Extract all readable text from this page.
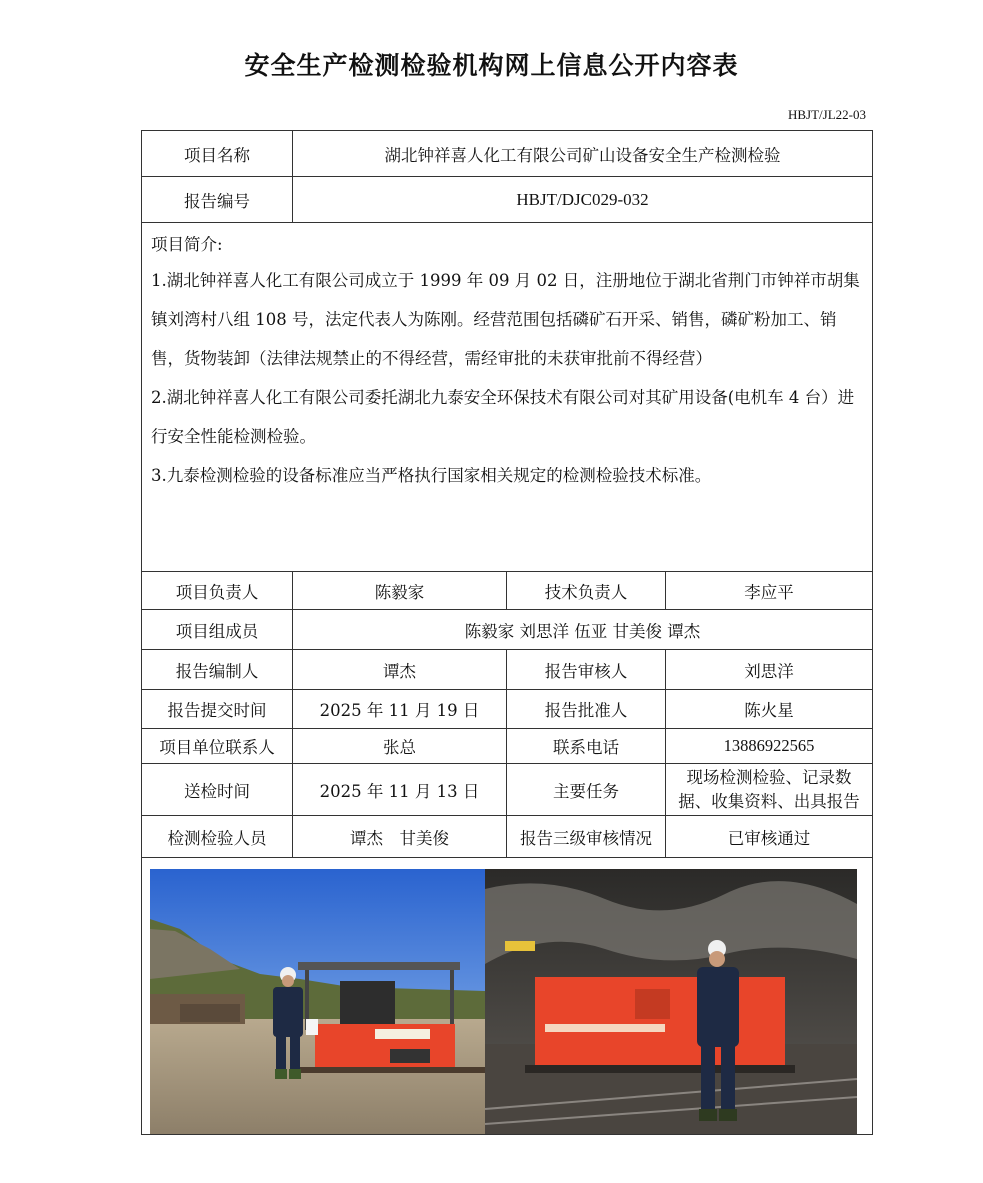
安全生产检测检验机构网上信息公开内容表
HBJT/JL22-03
项目名称	湖北钟祥喜人化工有限公司矿山设备安全生产检测检验		
报告编号	HBJT/DJC029-032		

项目简介:

1.湖北钟祥喜人化工有限公司成立于 1999 年 09 月 02 日，注册地位于湖北省荆门市钟祥市胡集镇刘湾村八组 108 号，法定代表人为陈刚。经营范围包括磷矿石开采、销售，磷矿粉加工、销售，货物装卸（法律法规禁止的不得经营，需经审批的未获审批前不得经营）

2.湖北钟祥喜人化工有限公司委托湖北九泰安全环保技术有限公司对其矿用设备(电机车 4 台）进行安全性能检测检验。

3.九泰检测检验的设备标准应当严格执行国家相关规定的检测检验技术标准。			

项目负责人	陈毅家	技术负责人	李应平
项目组成员	陈毅家 刘思洋 伍亚 甘美俊 谭杰		
报告编制人	谭杰	报告审核人	刘思洋
报告提交时间	2025 年 11 月 19 日	报告批准人	陈火星
项目单位联系人	张总	联系电话	13886922565
送检时间	2025 年 11 月 13 日	主要任务	现场检测检验、记录数
据、收集资料、出具报告

检测检验人员	谭杰　甘美俊	报告三级审核情况	已审核通过
